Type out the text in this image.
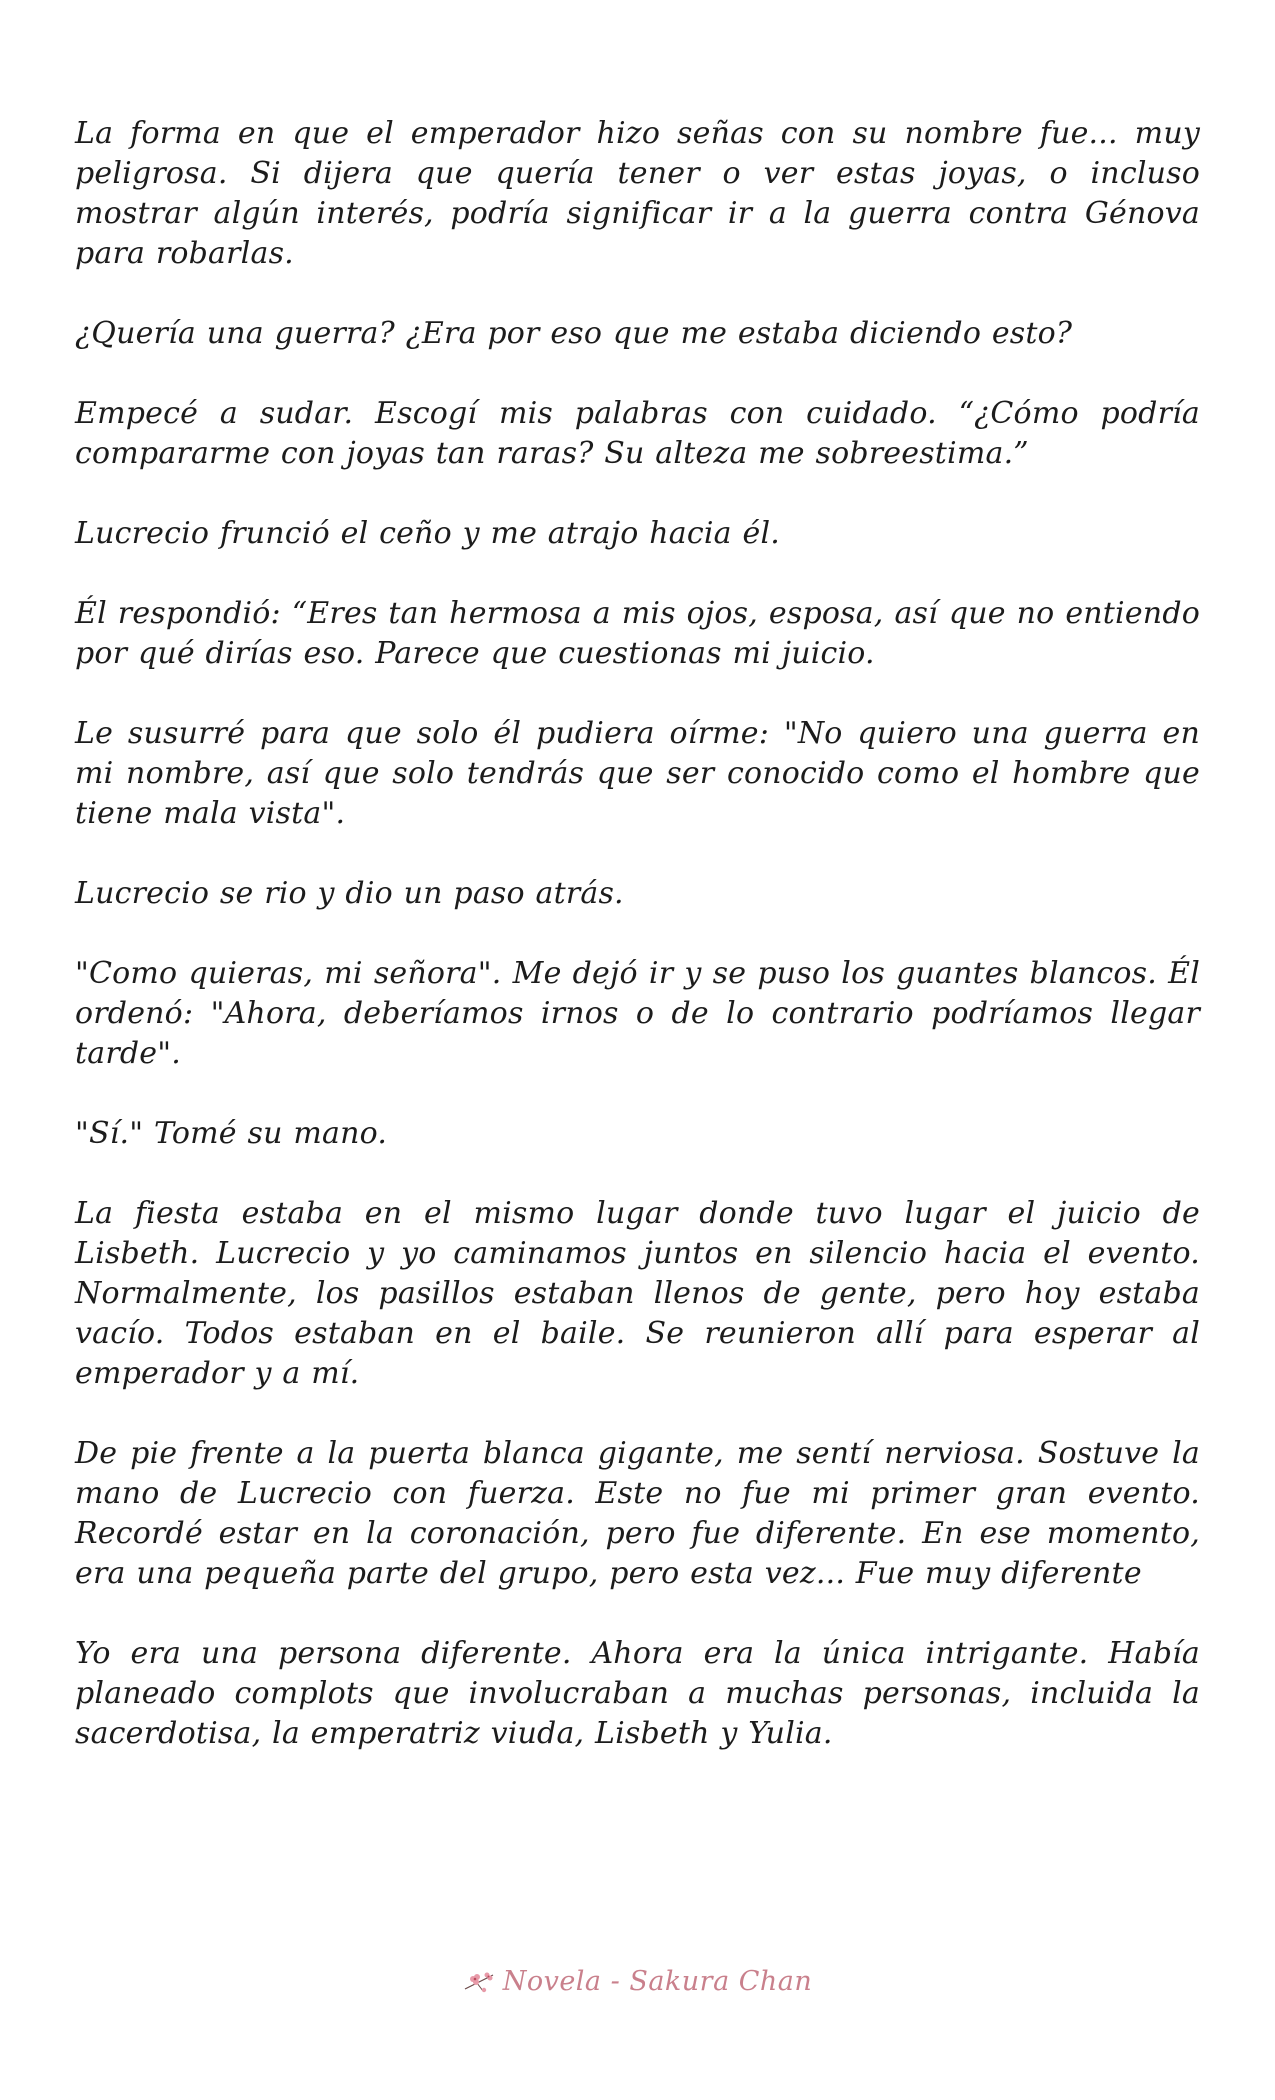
La forma en que el emperador hizo señas con su nombre fue... muy peligrosa. Si dijera que quería tener o ver estas joyas, o incluso mostrar algún interés, podría significar ir a la guerra contra Génova para robarlas.

¿Quería una guerra? ¿Era por eso que me estaba diciendo esto?

Empecé a sudar. Escogí mis palabras con cuidado. “¿Cómo podría compararme con joyas tan raras? Su alteza me sobreestima.”

Lucrecio frunció el ceño y me atrajo hacia él.

Él respondió: “Eres tan hermosa a mis ojos, esposa, así que no entiendo por qué dirías eso. Parece que cuestionas mi juicio.

Le susurré para que solo él pudiera oírme: "No quiero una guerra en mi nombre, así que solo tendrás que ser conocido como el hombre que tiene mala vista".

Lucrecio se rio y dio un paso atrás.

"Como quieras, mi señora". Me dejó ir y se puso los guantes blancos. Él ordenó: "Ahora, deberíamos irnos o de lo contrario podríamos llegar tarde".

"Sí." Tomé su mano.

La fiesta estaba en el mismo lugar donde tuvo lugar el juicio de Lisbeth. Lucrecio y yo caminamos juntos en silencio hacia el evento. Normalmente, los pasillos estaban llenos de gente, pero hoy estaba vacío. Todos estaban en el baile. Se reunieron allí para esperar al emperador y a mí.

De pie frente a la puerta blanca gigante, me sentí nerviosa. Sostuve la mano de Lucrecio con fuerza. Este no fue mi primer gran evento. Recordé estar en la coronación, pero fue diferente. En ese momento, era una pequeña parte del grupo, pero esta vez... Fue muy diferente

Yo era una persona diferente. Ahora era la única intrigante. Había planeado complots que involucraban a muchas personas, incluida la sacerdotisa, la emperatriz viuda, Lisbeth y Yulia.

Novela - Sakura Chan
